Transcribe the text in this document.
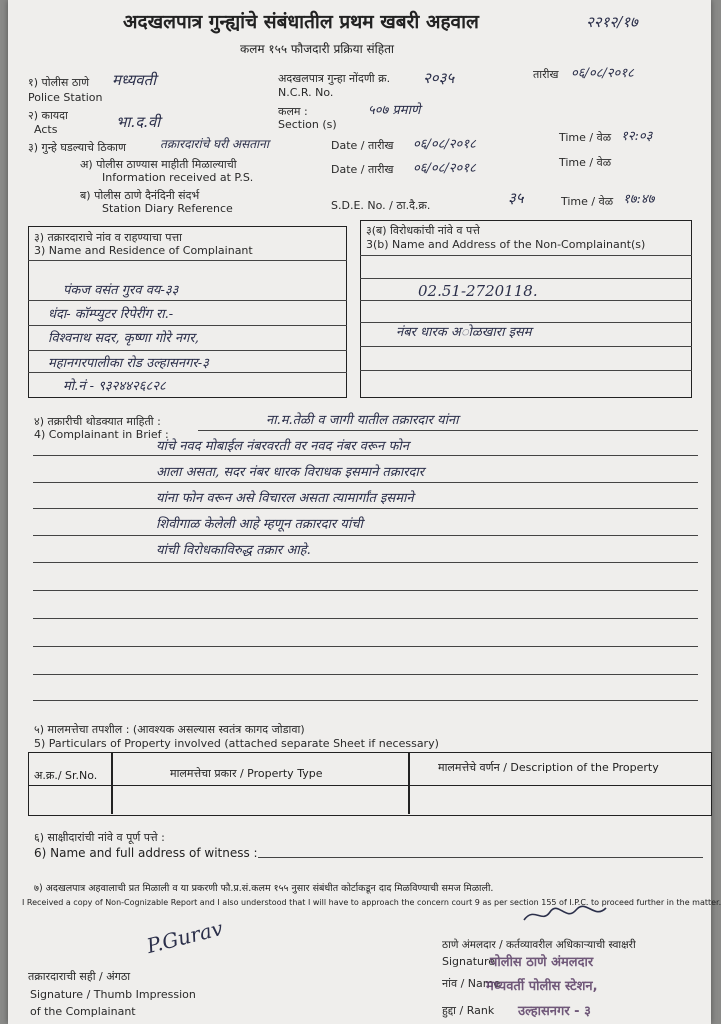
अदखलपात्र गुन्ह्यांचे संबंधातील प्रथम खबरी अहवाल	२२१२/१७
कलम १५५ फौजदारी प्रक्रिया संहिता
१) पोलीस ठाणे
Police Station
मध्यवती	अदखलपात्र गुन्हा नोंदणी क्र.
N.C.R. No.
२०३५	तारीख ०६/०८/२०१८
२) कायदा
Acts	भा.द.वी
कलम :
Section (s)
५०७ प्रमाणे
३) गुन्हे घडल्याचे ठिकाण	तक्रारदारांचे घरी असताना	Date / तारीख ०६/०८/२०१८	Time / वेळ १२:०३
अ) पोलीस ठाण्यास माहीती मिळाल्याची
Information received at P.S.
Date / तारीख ०६/०८/२०१८	Time / वेळ
ब) पोलीस ठाणे दैनंदिनी संदर्भ
Station Diary Reference	S.D.E. No. / ठा.दै.क्र.	३५	Time / वेळ १७:४७
३) तक्रारदाराचे नांव व राहण्याचा पत्ता
3) Name and Residence of Complainant
३(ब) विरोधकांची नांवे व पत्ते
3(b) Name and Address of the Non-Complainant(s)
पंकज वसंत गुरव वय-३३
धंदा- कॉम्प्युटर रिपेरींग रा.-
विश्वनाथ सदर, कृष्णा गोरे नगर,
महानगरपालीका रोड उल्हासनगर-३
मो.नं - ९३२४४२६८२८
02.51-2720118.
नंबर धारक अोळखारा इसम
४) तक्रारीची थोडक्यात माहिती :
4) Complainant in Brief :
ना.म.तेळी व जागी यातील तक्रारदार यांना
यांचे नवद मोबाईल नंबरवरती वर नवद नंबर वरून फोन
आला असता, सदर नंबर धारक विराधक इसमाने तक्रारदार
यांना फोन वरून असे विचारल असता त्यामार्गांत इसमाने
शिवीगाळ केलेली आहे म्हणून तक्रारदार यांची
यांची विरोधकाविरुद्ध तक्रार आहे.
५) मालमत्तेचा तपशील : (आवश्यक असल्यास स्वतंत्र कागद जोडावा)
5) Particulars of Property involved (attached separate Sheet if necessary)
अ.क्र./ Sr.No.	मालमत्तेचा प्रकार / Property Type	मालमत्तेचे वर्णन / Description of the Property
६) साक्षीदारांची नांवे व पूर्ण पत्ते :
6) Name and full address of witness :
७) अदखलपात्र अहवालाची प्रत मिळाली व या प्रकरणी फौ.प्र.सं.कलम १५५ नुसार संबंधीत कोर्टाकडून दाद मिळविण्याची समज मिळाली.
I Received a copy of Non-Cognizable Report and I also understood that I will have to approach the concern court 9 as per section 155 of I.P.C. to proceed further in the matter.
P.Gurav
तक्रारदाराची सही / अंगठा
Signature / Thumb Impression
of the Complainant
ठाणे अंमलदार / कर्तव्यावरील अधिकाऱ्याची स्वाक्षरी
Signature
पोलीस ठाणे अंमलदार
नांव / Name
मध्यवर्ती पोलीस स्टेशन,
हुद्दा / Rank उल्हासनगर - ३
